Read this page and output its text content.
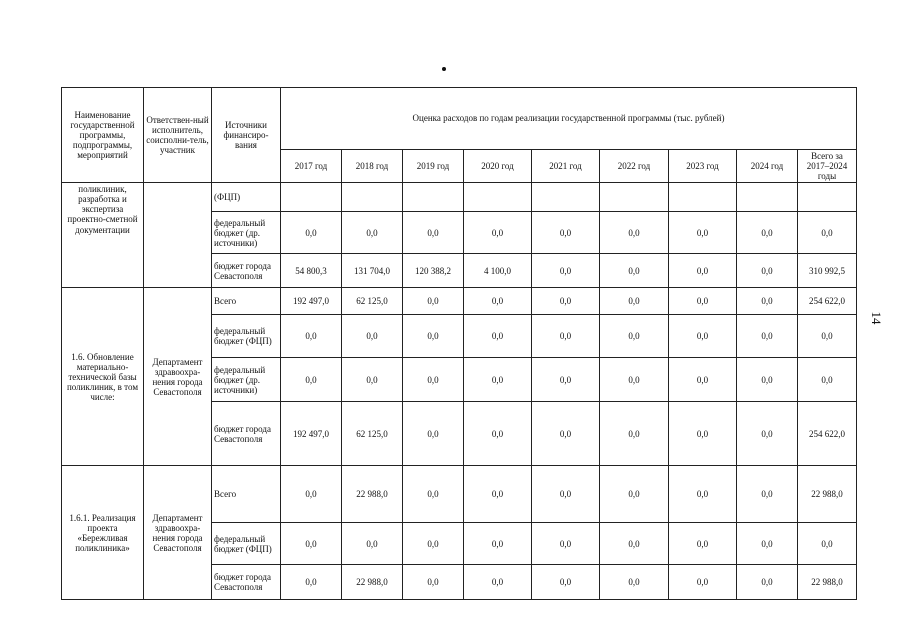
14
Наименование государственной программы, подпрограммы, мероприятий	Ответствен-ный исполнитель, соисполни-тель, участник	Источники финансиро-вания	Оценка расходов по годам реализации государственной программы (тыс. рублей)								
			2017 год	2018 год	2019 год	2020 год	2021 год	2022 год	2023 год	2024 год	Всего за 2017–2024 годы
поликлиник, разработка и экспертиза проектно-сметной документации		(ФЦП)									
		федеральный бюджет (др. источники)	0,0	0,0	0,0	0,0	0,0	0,0	0,0	0,0	0,0
		бюджет города Севастополя	54 800,3	131 704,0	120 388,2	4 100,0	0,0	0,0	0,0	0,0	310 992,5
1.6. Обновление материально-технической базы поликлиник, в том числе:	Департамент здравоохра-нения города Севастополя	Всего	192 497,0	62 125,0	0,0	0,0	0,0	0,0	0,0	0,0	254 622,0
		федеральный бюджет (ФЦП)	0,0	0,0	0,0	0,0	0,0	0,0	0,0	0,0	0,0
		федеральный бюджет (др. источники)	0,0	0,0	0,0	0,0	0,0	0,0	0,0	0,0	0,0
		бюджет города Севастополя	192 497,0	62 125,0	0,0	0,0	0,0	0,0	0,0	0,0	254 622,0
1.6.1. Реализация проекта «Бережливая поликлиника»	Департамент здравоохра-нения города Севастополя	Всего	0,0	22 988,0	0,0	0,0	0,0	0,0	0,0	0,0	22 988,0
		федеральный бюджет (ФЦП)	0,0	0,0	0,0	0,0	0,0	0,0	0,0	0,0	0,0
		бюджет города Севастополя	0,0	22 988,0	0,0	0,0	0,0	0,0	0,0	0,0	22 988,0
